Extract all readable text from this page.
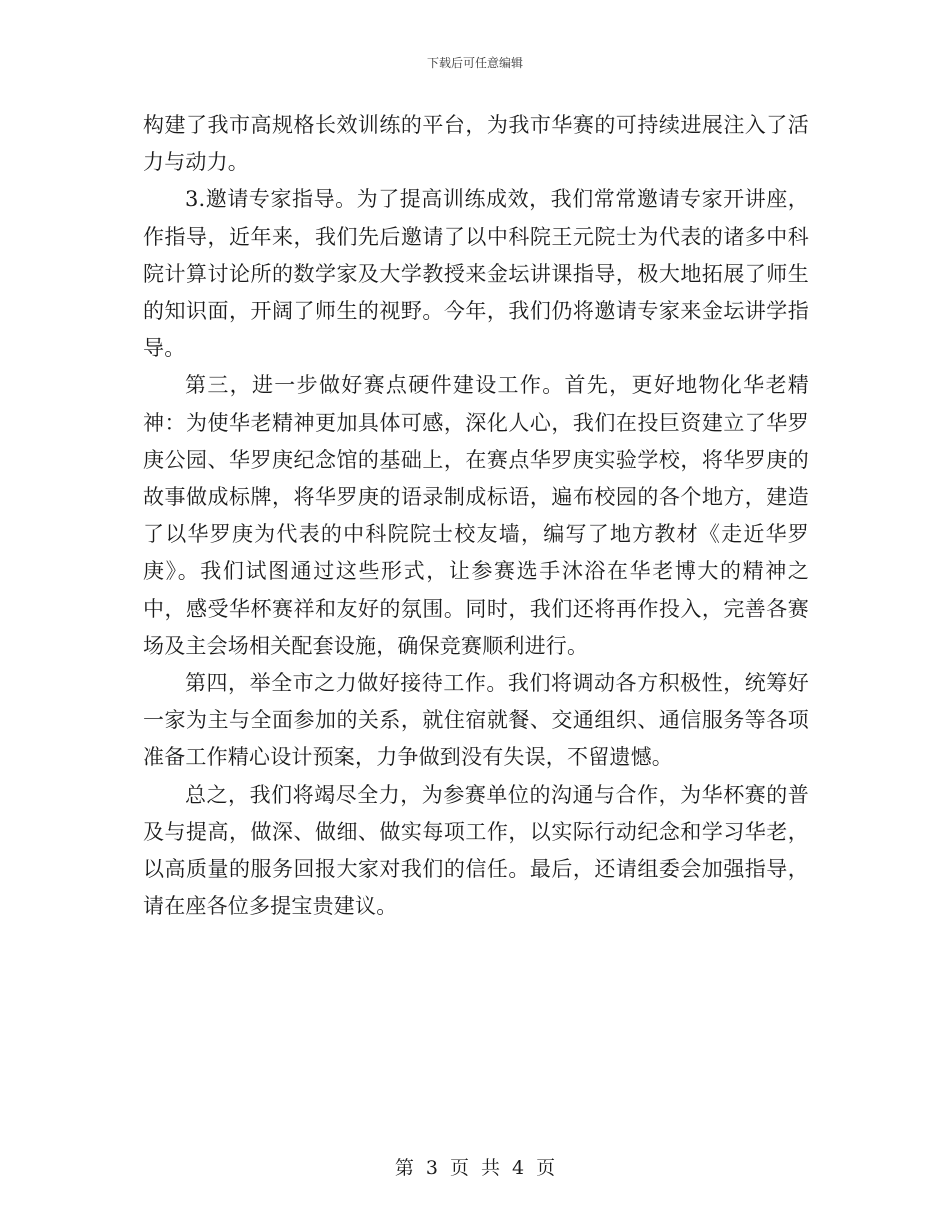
下载后可任意编辑

构建了我市高规格长效训练的平台，为我市华赛的可持续进展注入了活力与动力。

3.邀请专家指导。为了提高训练成效，我们常常邀请专家开讲座，作指导，近年来，我们先后邀请了以中科院王元院士为代表的诸多中科院计算讨论所的数学家及大学教授来金坛讲课指导，极大地拓展了师生的知识面，开阔了师生的视野。今年，我们仍将邀请专家来金坛讲学指导。

第三，进一步做好赛点硬件建设工作。首先，更好地物化华老精神：为使华老精神更加具体可感，深化人心，我们在投巨资建立了华罗庚公园、华罗庚纪念馆的基础上，在赛点华罗庚实验学校，将华罗庚的故事做成标牌，将华罗庚的语录制成标语，遍布校园的各个地方，建造了以华罗庚为代表的中科院院士校友墙，编写了地方教材《走近华罗庚》。我们试图通过这些形式，让参赛选手沐浴在华老博大的精神之中，感受华杯赛祥和友好的氛围。同时，我们还将再作投入，完善各赛场及主会场相关配套设施，确保竞赛顺利进行。

第四，举全市之力做好接待工作。我们将调动各方积极性，统筹好一家为主与全面参加的关系，就住宿就餐、交通组织、通信服务等各项准备工作精心设计预案，力争做到没有失误，不留遗憾。

总之，我们将竭尽全力，为参赛单位的沟通与合作，为华杯赛的普及与提高，做深、做细、做实每项工作，以实际行动纪念和学习华老，以高质量的服务回报大家对我们的信任。最后，还请组委会加强指导，请在座各位多提宝贵建议。

第 3 页 共 4 页
